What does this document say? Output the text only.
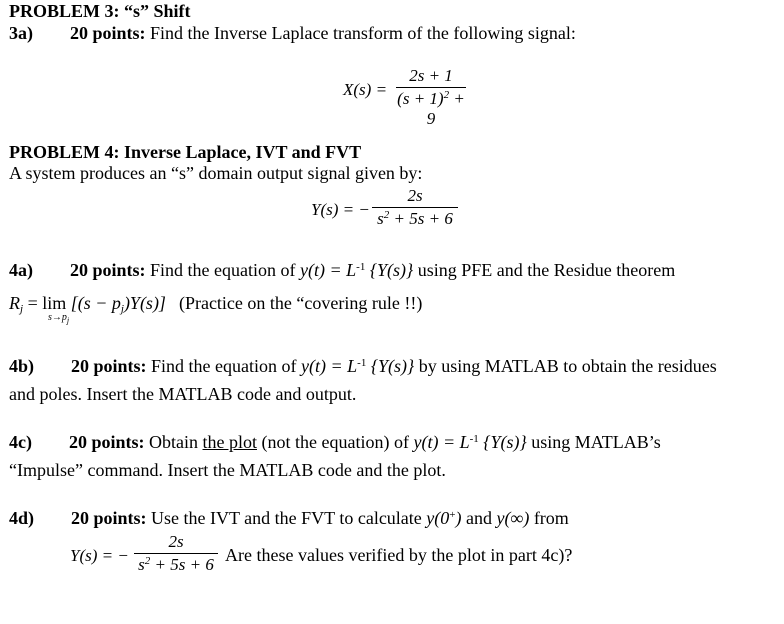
PROBLEM 3: “s” Shift
3a) 20 points: Find the Inverse Laplace transform of the following signal:
X(s) =
2s + 1
$(s + 1)^2 + 9$
PROBLEM 4: Inverse Laplace, IVT and FVT
A system produces an “s” domain output signal given by:
Y(s) = −
2s
$s^2 + 5s + 6$
4a) 20 points: Find the equation of $y(t) = L^{-1}$ {Y(s)} using PFE and the Residue theorem
$R_j = \lim [(s - p_j)Y(s)]$ (Practice on the “covering rule !!)
$s\to p_j$
4b) 20 points: Find the equation of $y(t) = L^{-1}$ {Y(s)} by using MATLAB to obtain the residues
and poles. Insert the MATLAB code and output.
4c) 20 points: Obtain the plot (not the equation) of $y(t) = L^{-1}$ {Y(s)} using MATLAB’s
“Impulse” command. Insert the MATLAB code and the plot.
4d) 20 points: Use the IVT and the FVT to calculate y(0+) and y(∞) from
Y(s) = −
2s
$s^2 + 5s + 6$ Are these values verified by the plot in part 4c)?
